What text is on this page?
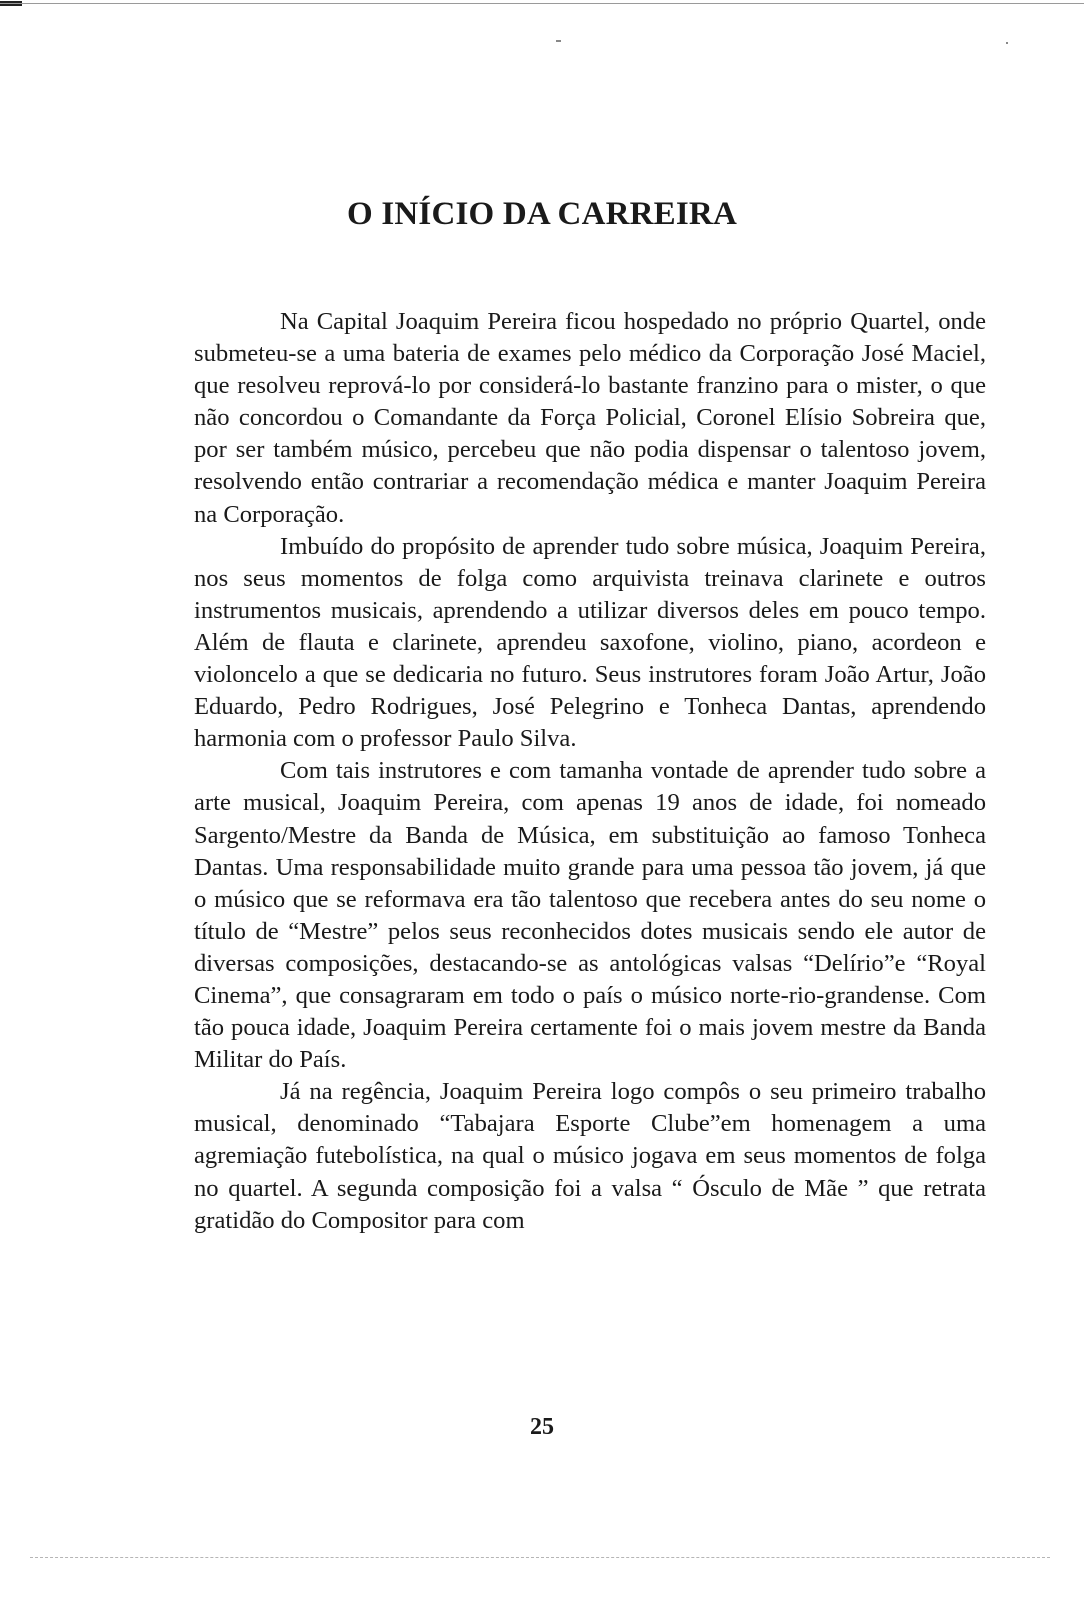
O INÍCIO DA CARREIRA

Na Capital Joaquim Pereira ficou hospedado no próprio Quartel, onde submeteu-se a uma bateria de exames pelo médico da Corporação José Maciel, que resolveu reprová-lo por considerá-lo bastante franzino para o mister, o que não concordou o Comandante da Força Policial, Coronel Elísio Sobreira que, por ser também músico, percebeu que não podia dispensar o talentoso jovem, resolvendo então contrariar a recomendação médica e manter Joaquim Pereira na Corporação.

Imbuído do propósito de aprender tudo sobre música, Joaquim Pereira, nos seus momentos de folga como arquivista treinava clarinete e outros instrumentos musicais, aprendendo a utilizar diversos deles em pouco tempo. Além de flauta e clarinete, aprendeu saxofone, violino, piano, acordeon e violoncelo a que se dedicaria no futuro. Seus instrutores foram João Artur, João Eduardo, Pedro Rodrigues, José Pelegrino e Tonheca Dantas, aprendendo harmonia com o professor Paulo Silva.

Com tais instrutores e com tamanha vontade de aprender tudo sobre a arte musical, Joaquim Pereira, com apenas 19 anos de idade, foi nomeado Sargento/Mestre da Banda de Música, em substituição ao famoso Tonheca Dantas. Uma responsabilidade muito grande para uma pessoa tão jovem, já que o músico que se reformava era tão talentoso que recebera antes do seu nome o título de “Mestre” pelos seus reconhecidos dotes musicais sendo ele autor de diversas composições, destacando-se as antológicas valsas “Delírio”e “Royal Cinema”, que consagraram em todo o país o músico norte-rio-grandense. Com tão pouca idade, Joaquim Pereira certamente foi o mais jovem mestre da Banda Militar do País.

Já na regência, Joaquim Pereira logo compôs o seu primeiro trabalho musical, denominado “Tabajara Esporte Clube”em homenagem a uma agremiação futebolística, na qual o músico jogava em seus momentos de folga no quartel. A segunda composição foi a valsa “ Ósculo de Mãe ” que retrata gratidão do Compositor para com

25
